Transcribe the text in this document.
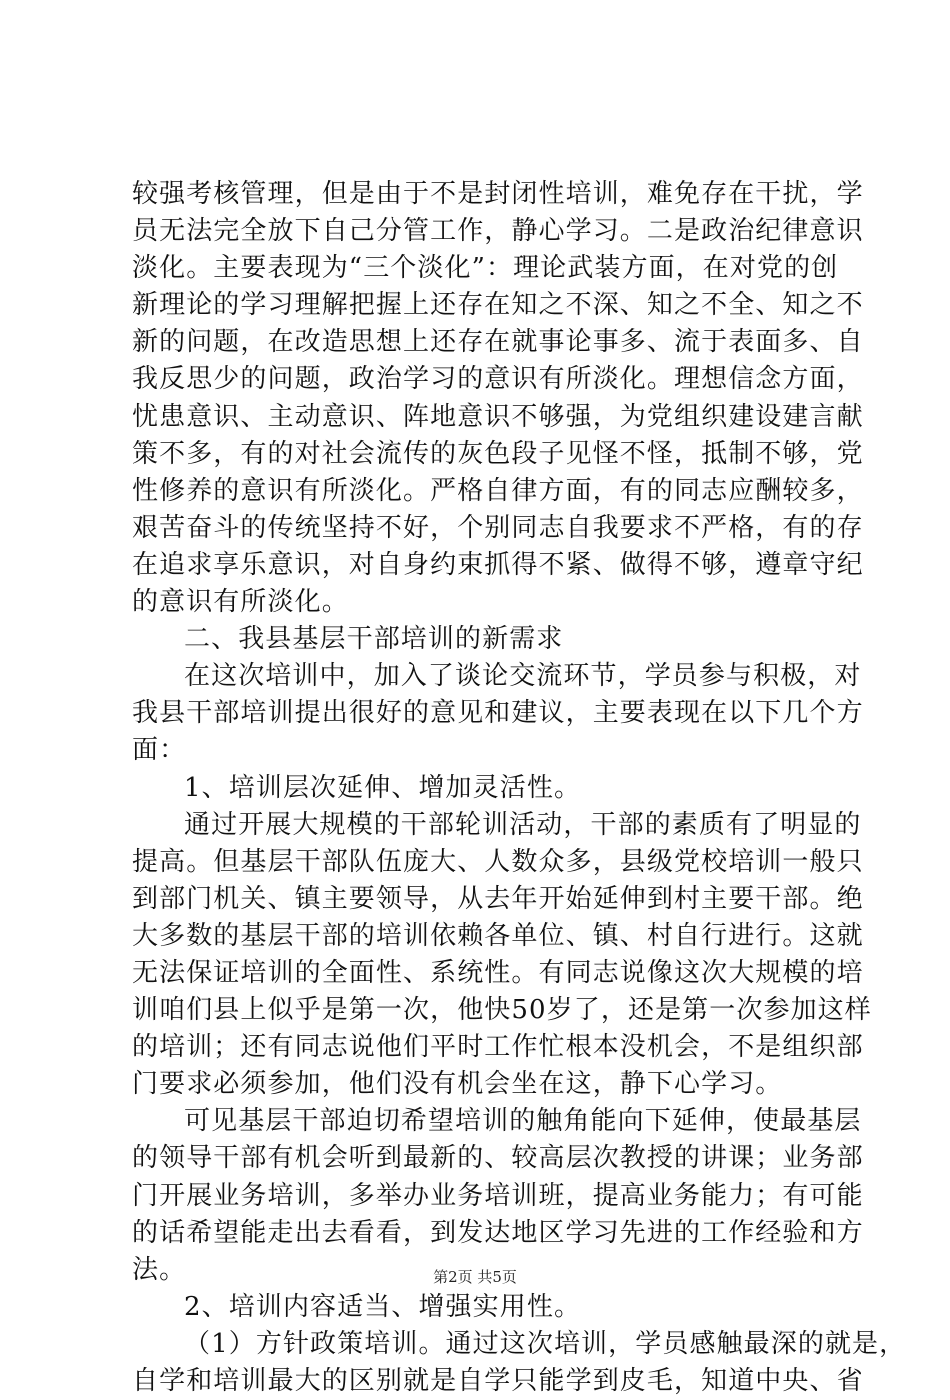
较强考核管理，但是由于不是封闭性培训，难免存在干扰，学
员无法完全放下自己分管工作，静心学习。二是政治纪律意识
淡化。主要表现为“三个淡化”：理论武装方面，在对党的创
新理论的学习理解把握上还存在知之不深、知之不全、知之不
新的问题，在改造思想上还存在就事论事多、流于表面多、自
我反思少的问题，政治学习的意识有所淡化。理想信念方面，
忧患意识、主动意识、阵地意识不够强，为党组织建设建言献
策不多，有的对社会流传的灰色段子见怪不怪，抵制不够，党
性修养的意识有所淡化。严格自律方面，有的同志应酬较多，
艰苦奋斗的传统坚持不好，个别同志自我要求不严格，有的存
在追求享乐意识，对自身约束抓得不紧、做得不够，遵章守纪
的意识有所淡化。
二、我县基层干部培训的新需求
在这次培训中，加入了谈论交流环节，学员参与积极，对
我县干部培训提出很好的意见和建议，主要表现在以下几个方
面：
1、培训层次延伸、增加灵活性。
通过开展大规模的干部轮训活动，干部的素质有了明显的
提高。但基层干部队伍庞大、人数众多，县级党校培训一般只
到部门机关、镇主要领导，从去年开始延伸到村主要干部。绝
大多数的基层干部的培训依赖各单位、镇、村自行进行。这就
无法保证培训的全面性、系统性。有同志说像这次大规模的培
训咱们县上似乎是第一次，他快50岁了，还是第一次参加这样
的培训；还有同志说他们平时工作忙根本没机会，不是组织部
门要求必须参加，他们没有机会坐在这，静下心学习。
可见基层干部迫切希望培训的触角能向下延伸，使最基层
的领导干部有机会听到最新的、较高层次教授的讲课；业务部
门开展业务培训，多举办业务培训班，提高业务能力；有可能
的话希望能走出去看看，到发达地区学习先进的工作经验和方
法。
2、培训内容适当、增强实用性。
（1）方针政策培训。通过这次培训，学员感触最深的就是，
自学和培训最大的区别就是自学只能学到皮毛，知道中央、省
第2页 共5页
